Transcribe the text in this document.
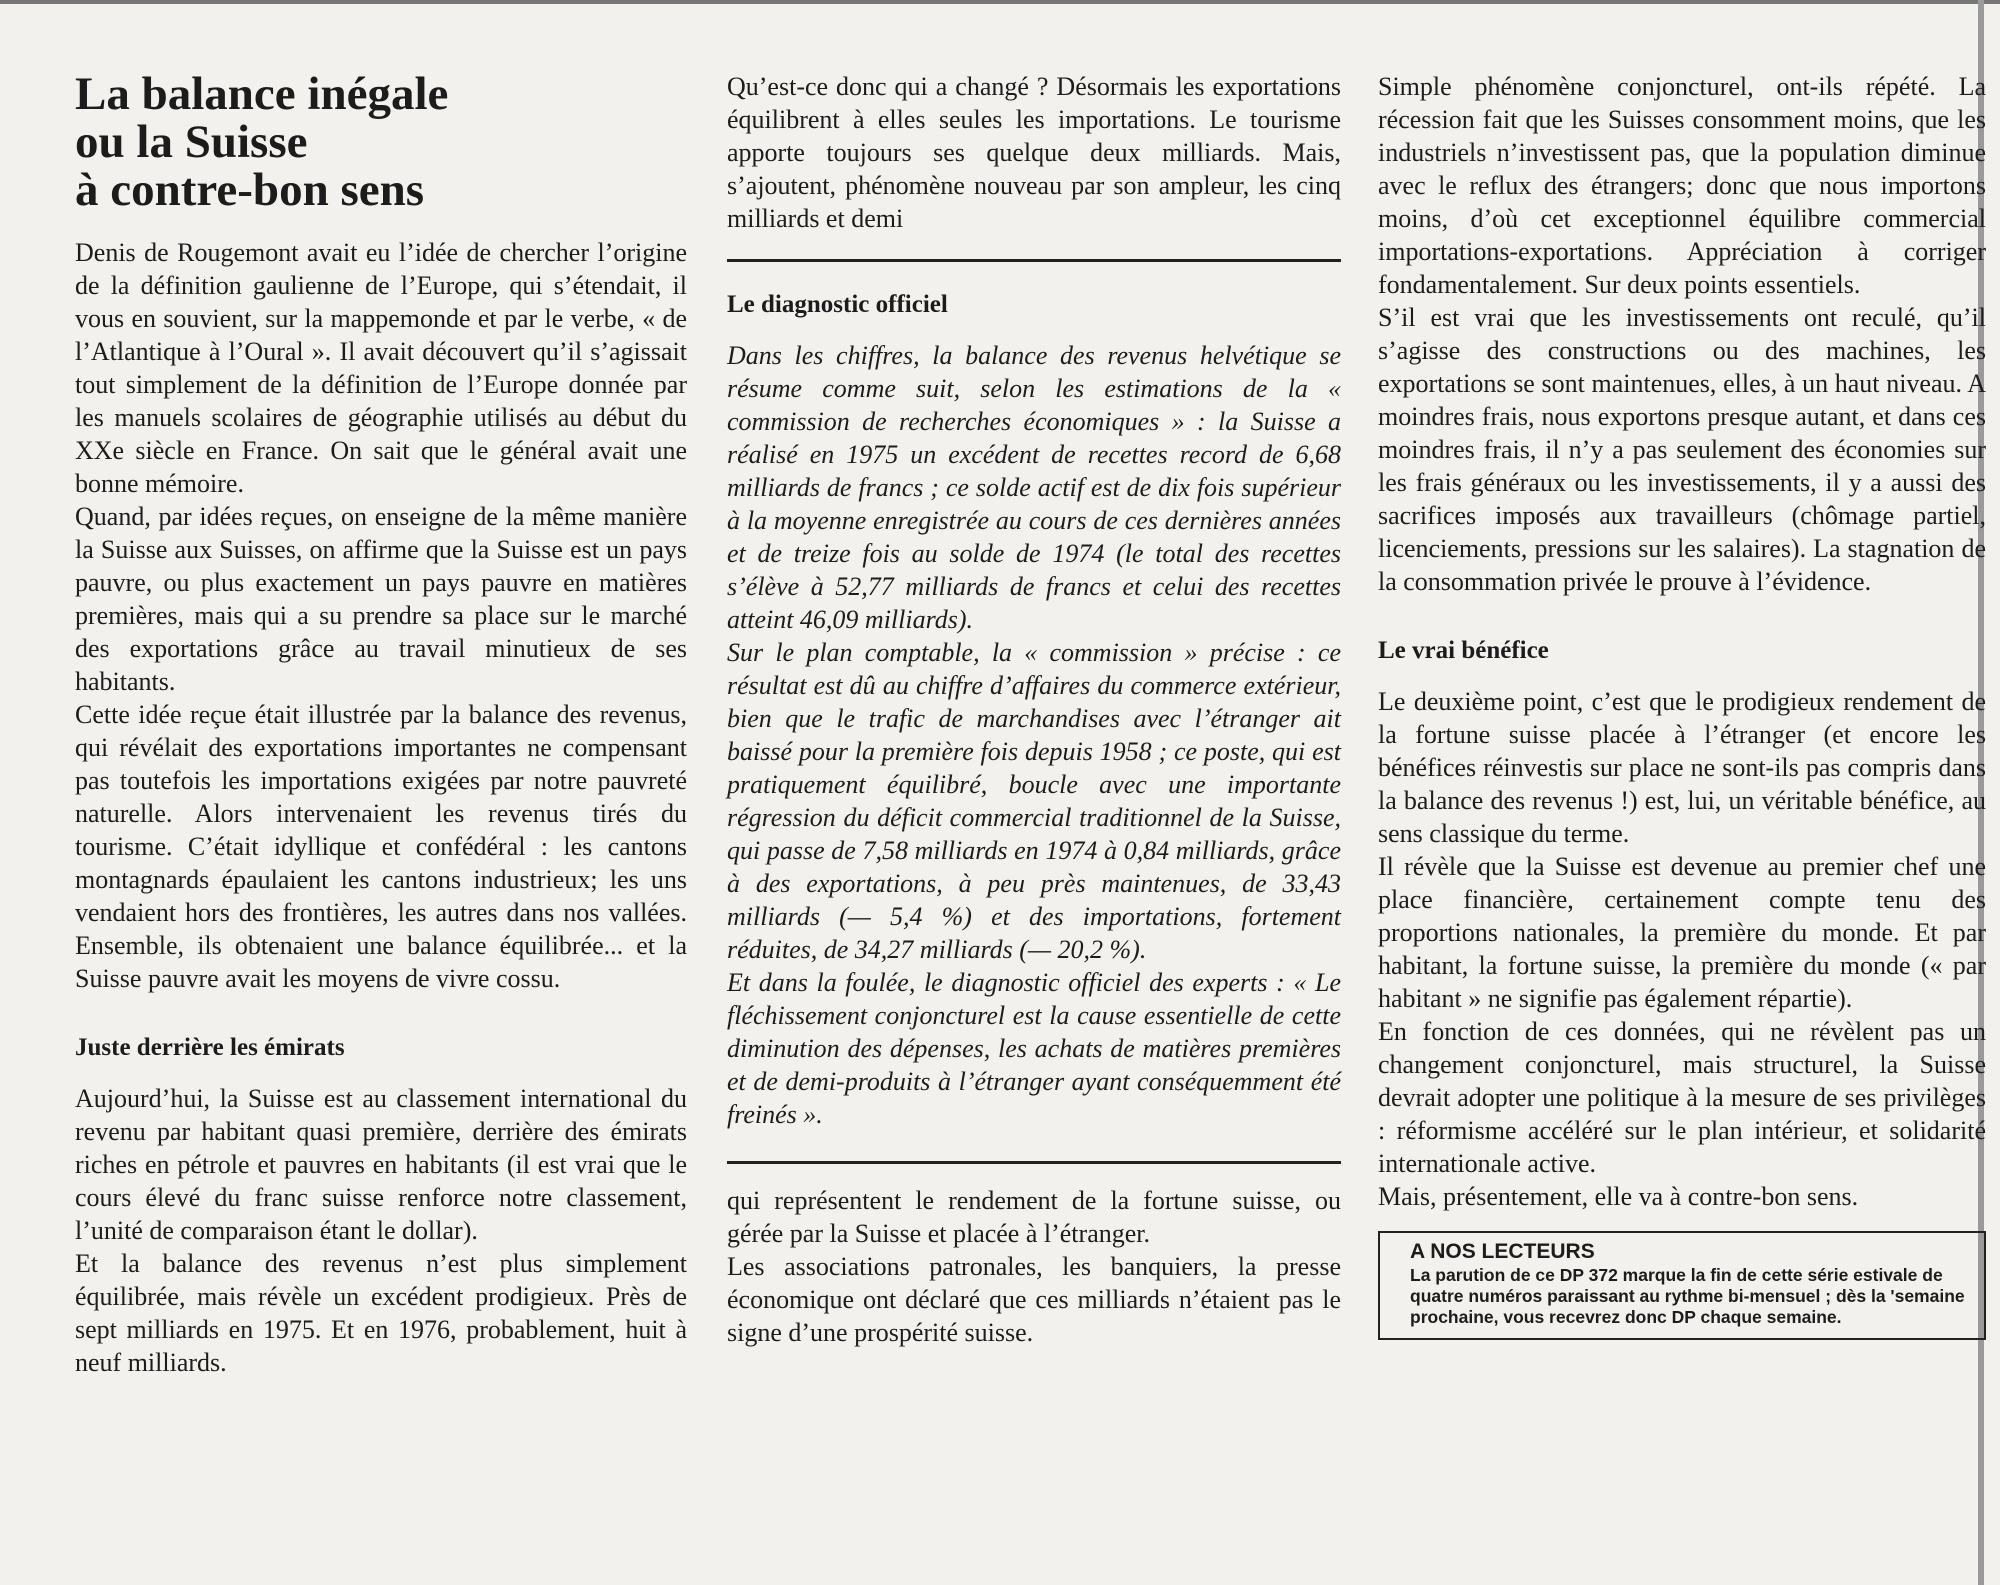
La balance inégale
ou la Suisse
à contre-bon sens

Denis de Rougemont avait eu l’idée de chercher l’origine de la définition gaulienne de l’Europe, qui s’étendait, il vous en souvient, sur la mappemonde et par le verbe, « de l’Atlantique à l’Oural ». Il avait découvert qu’il s’agissait tout simplement de la définition de l’Europe donnée par les manuels scolaires de géographie utilisés au début du XXe siècle en France. On sait que le général avait une bonne mémoire.

Quand, par idées reçues, on enseigne de la même manière la Suisse aux Suisses, on affirme que la Suisse est un pays pauvre, ou plus exactement un pays pauvre en matières premières, mais qui a su prendre sa place sur le marché des exportations grâce au travail minutieux de ses habitants.

Cette idée reçue était illustrée par la balance des revenus, qui révélait des exportations importantes ne compensant pas toutefois les importations exigées par notre pauvreté naturelle. Alors intervenaient les revenus tirés du tourisme. C’était idyllique et confédéral : les cantons montagnards épaulaient les cantons industrieux; les uns vendaient hors des frontières, les autres dans nos vallées. Ensemble, ils obtenaient une balance équilibrée... et la Suisse pauvre avait les moyens de vivre cossu.

Juste derrière les émirats

Aujourd’hui, la Suisse est au classement international du revenu par habitant quasi première, derrière des émirats riches en pétrole et pauvres en habitants (il est vrai que le cours élevé du franc suisse renforce notre classement, l’unité de comparaison étant le dollar).

Et la balance des revenus n’est plus simplement équilibrée, mais révèle un excédent prodigieux. Près de sept milliards en 1975. Et en 1976, probablement, huit à neuf milliards.

Qu’est-ce donc qui a changé ? Désormais les exportations équilibrent à elles seules les importations. Le tourisme apporte toujours ses quelque deux milliards. Mais, s’ajoutent, phénomène nouveau par son ampleur, les cinq milliards et demi

Le diagnostic officiel

Dans les chiffres, la balance des revenus helvétique se résume comme suit, selon les estimations de la « commission de recherches économiques » : la Suisse a réalisé en 1975 un excédent de recettes record de 6,68 milliards de francs ; ce solde actif est de dix fois supérieur à la moyenne enregistrée au cours de ces dernières années et de treize fois au solde de 1974 (le total des recettes s’élève à 52,77 milliards de francs et celui des recettes atteint 46,09 milliards).

Sur le plan comptable, la « commission » précise : ce résultat est dû au chiffre d’affaires du commerce extérieur, bien que le trafic de marchandises avec l’étranger ait baissé pour la première fois depuis 1958 ; ce poste, qui est pratiquement équilibré, boucle avec une importante régression du déficit commercial traditionnel de la Suisse, qui passe de 7,58 milliards en 1974 à 0,84 milliards, grâce à des exportations, à peu près maintenues, de 33,43 milliards (— 5,4 %) et des importations, fortement réduites, de 34,27 milliards (— 20,2 %).

Et dans la foulée, le diagnostic officiel des experts : « Le fléchissement conjoncturel est la cause essentielle de cette diminution des dépenses, les achats de matières premières et de demi-produits à l’étranger ayant conséquemment été freinés ».

qui représentent le rendement de la fortune suisse, ou gérée par la Suisse et placée à l’étranger.

Les associations patronales, les banquiers, la presse économique ont déclaré que ces milliards n’étaient pas le signe d’une prospérité suisse.

Simple phénomène conjoncturel, ont-ils répété. La récession fait que les Suisses consomment moins, que les industriels n’investissent pas, que la population diminue avec le reflux des étrangers; donc que nous importons moins, d’où cet exceptionnel équilibre commercial importations-exportations. Appréciation à corriger fondamentalement. Sur deux points essentiels.

S’il est vrai que les investissements ont reculé, qu’il s’agisse des constructions ou des machines, les exportations se sont maintenues, elles, à un haut niveau. A moindres frais, nous exportons presque autant, et dans ces moindres frais, il n’y a pas seulement des économies sur les frais généraux ou les investissements, il y a aussi des sacrifices imposés aux travailleurs (chômage partiel, licenciements, pressions sur les salaires). La stagnation de la consommation privée le prouve à l’évidence.

Le vrai bénéfice

Le deuxième point, c’est que le prodigieux rendement de la fortune suisse placée à l’étranger (et encore les bénéfices réinvestis sur place ne sont-ils pas compris dans la balance des revenus !) est, lui, un véritable bénéfice, au sens classique du terme.

Il révèle que la Suisse est devenue au premier chef une place financière, certainement compte tenu des proportions nationales, la première du monde. Et par habitant, la fortune suisse, la première du monde (« par habitant » ne signifie pas également répartie).

En fonction de ces données, qui ne révèlent pas un changement conjoncturel, mais structurel, la Suisse devrait adopter une politique à la mesure de ses privilèges : réformisme accéléré sur le plan intérieur, et solidarité internationale active.

Mais, présentement, elle va à contre-bon sens.

A NOS LECTEURS
La parution de ce DP 372 marque la fin de cette série estivale de quatre numéros paraissant au rythme bi-mensuel ; dès la 'semaine prochaine, vous recevrez donc DP chaque semaine.
